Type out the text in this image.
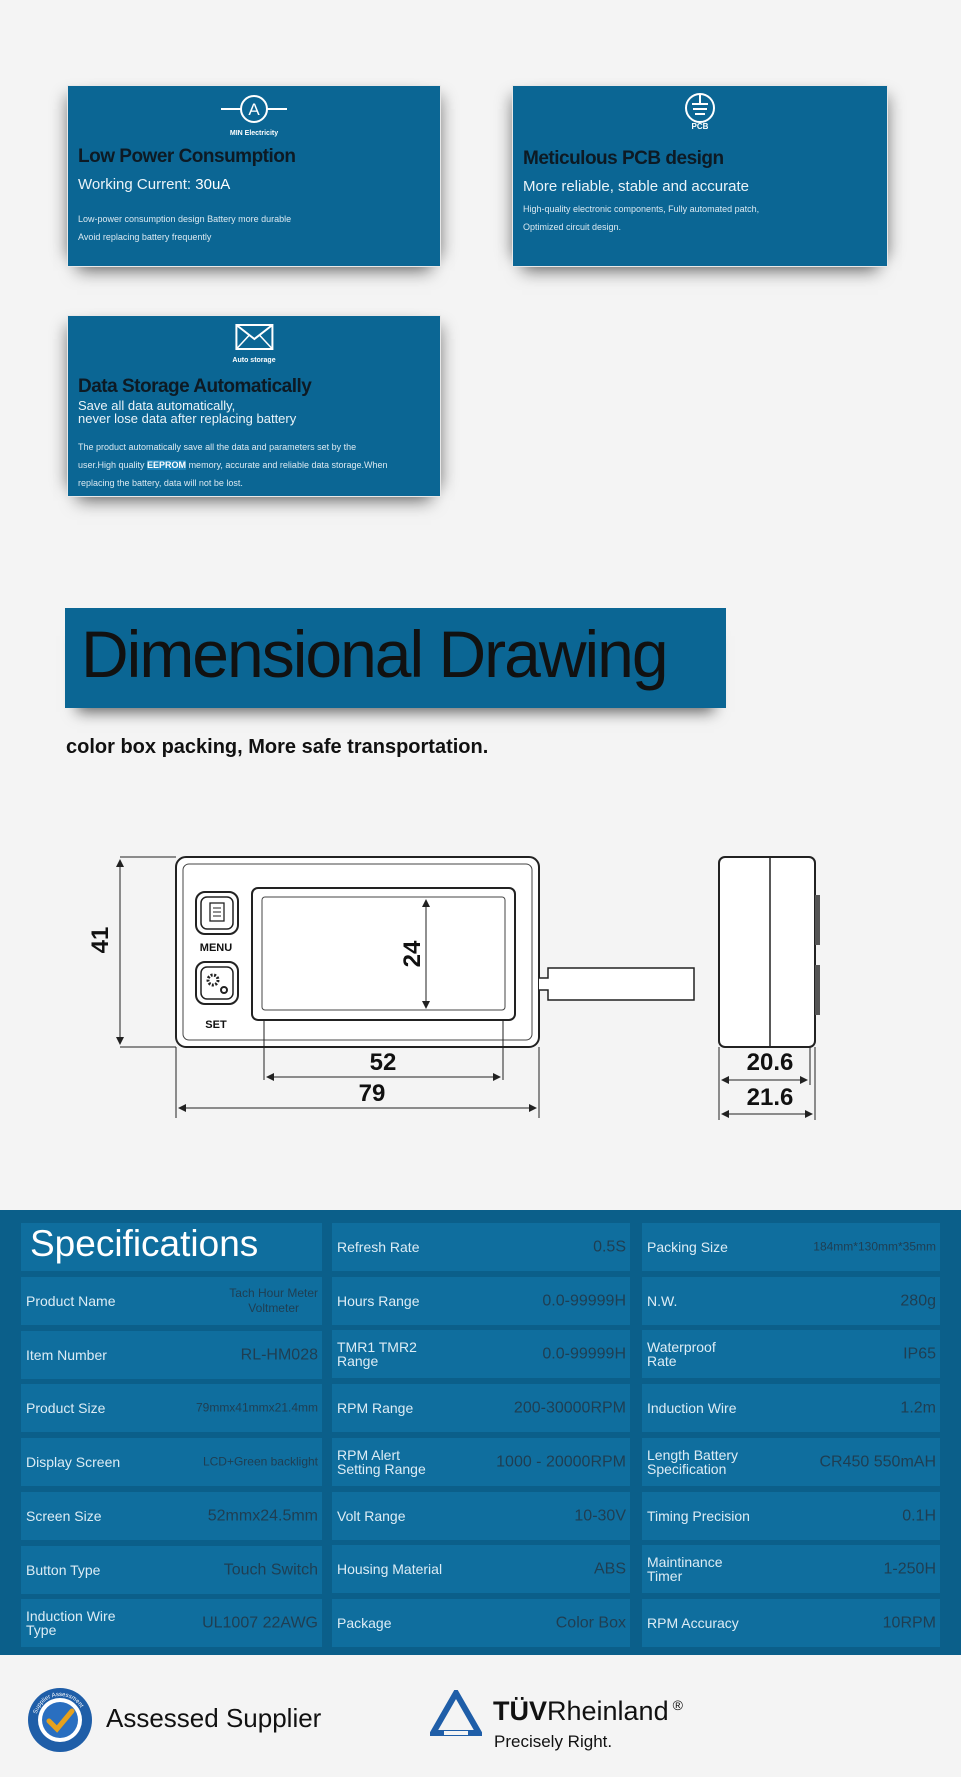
A
MIN Electricity
Low Power Consumption
Working Current: 30uA
Low-power consumption design Battery more durable
Avoid replacing battery frequently
PCB
Meticulous PCB design
More reliable, stable and accurate
High-quality electronic components, Fully automated patch,
Optimized circuit design.
Auto storage
Data Storage Automatically
Save all data automatically,
never lose data after replacing battery
The product automatically save all the data and parameters set by the
user.High quality EEPROM memory, accurate and reliable data storage.When
replacing the battery, data will not be lost.
Dimensional Drawing
color box packing, More safe transportation.
MENU
SET
41
24
52
79
20.6
21.6
Specifications
Product Name	Tach Hour Meter
Voltmeter
Item Number	RL-HM028
Product Size	79mmx41mmx21.4mm
Display Screen	LCD+Green backlight
Screen Size	52mmx24.5mm
Button Type	Touch Switch
Induction Wire
Type	UL1007 22AWG
Refresh Rate	0.5S
Hours Range	0.0-99999H
TMR1 TMR2
Range	0.0-99999H
RPM Range	200-30000RPM
RPM Alert
Setting Range	1000 - 20000RPM
Volt Range	10-30V
Housing Material	ABS
Package	Color Box
Packing Size	184mm*130mm*35mm
N.W.	280g
Waterproof
Rate	IP65
Induction Wire	1.2m
Length Battery
Specification	CR450 550mAH
Timing Precision	0.1H
Maintinance
Timer	1-250H
RPM Accuracy	10RPM
Supplier Assessment Assessed Supplier	TÜVRheinland ®
Precisely Right.
